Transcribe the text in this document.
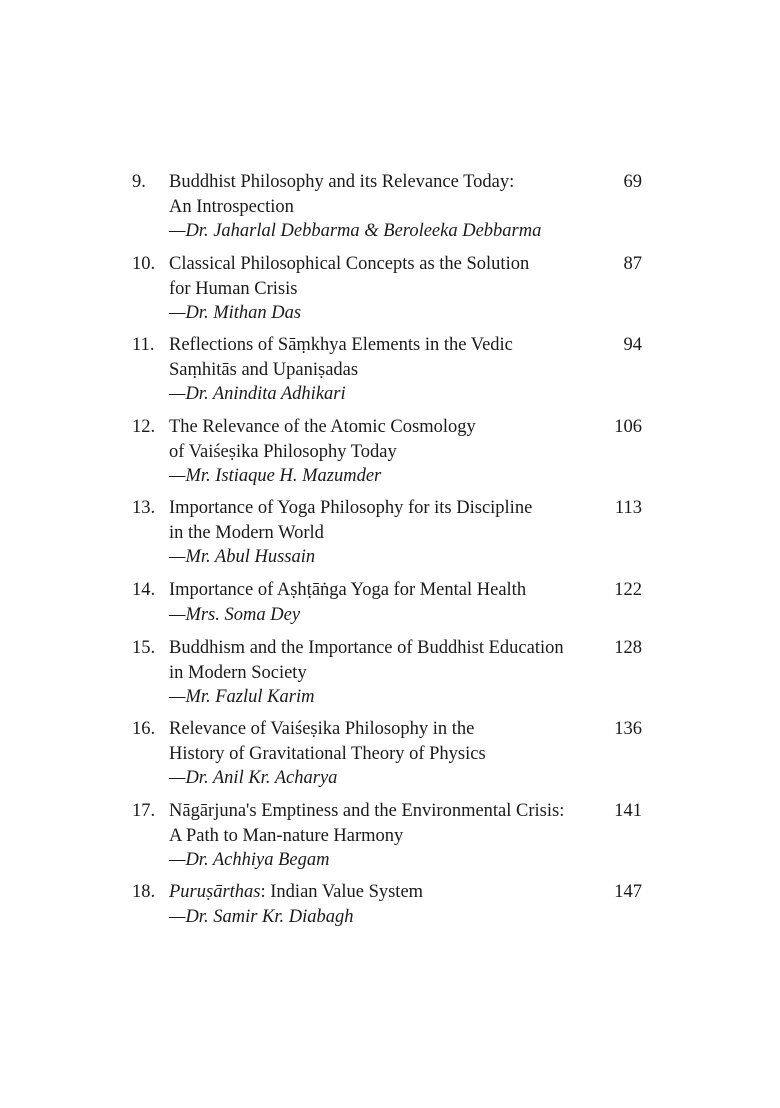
9.	Buddhist Philosophy and its Relevance Today:
An Introspection
—Dr. Jaharlal Debbarma & Beroleeka Debbarma
69
10. Classical Philosophical Concepts as the Solution
for Human Crisis
—Dr. Mithan Das
87
11. Reflections of Sāṃkhya Elements in the Vedic
Saṃhitās and Upaniṣadas
—Dr. Anindita Adhikari
94
12. The Relevance of the Atomic Cosmology
of Vaiśeṣika Philosophy Today
—Mr. Istiaque H. Mazumder
106
13. Importance of Yoga Philosophy for its Discipline
in the Modern World
—Mr. Abul Hussain
113
14. Importance of Aṣhṭāṅga Yoga for Mental Health
—Mrs. Soma Dey
122
15. Buddhism and the Importance of Buddhist Education
in Modern Society
—Mr. Fazlul Karim
128
16. Relevance of Vaiśeṣika Philosophy in the
History of Gravitational Theory of Physics
—Dr. Anil Kr. Acharya
136
17. Nāgārjuna's Emptiness and the Environmental Crisis:
A Path to Man-nature Harmony
—Dr. Achhiya Begam
141
18. Puruṣārthas: Indian Value System
—Dr. Samir Kr. Diabagh
147
